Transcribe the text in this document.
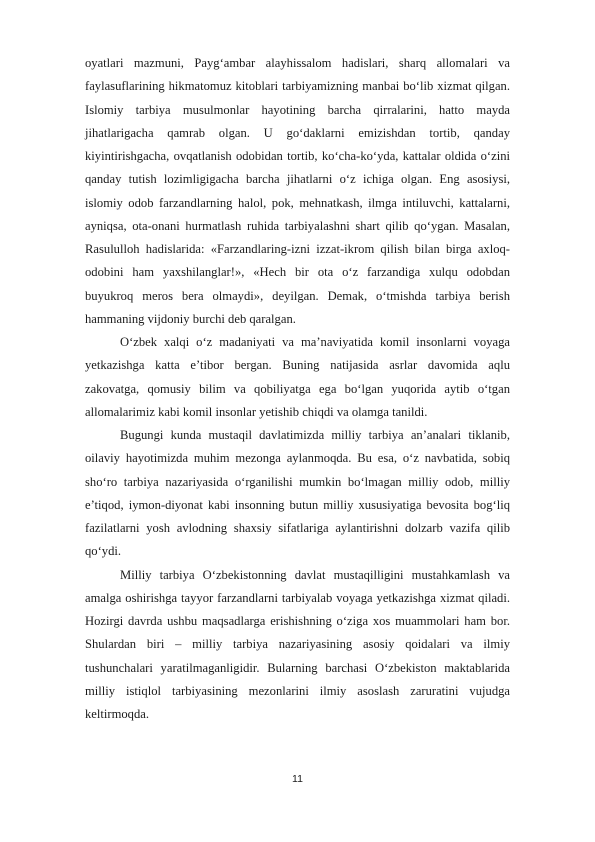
oyatlari mazmuni, Payg‘ambar alayhissalom hadislari, sharq allomalari va
faylasuflarining hikmatomuz kitoblari tarbiyamizning manbai bo‘lib xizmat qilgan.
Islomiy tarbiya musulmonlar hayotining barcha qirralarini, hatto mayda
jihatlarigacha qamrab olgan. U go‘daklarni emizishdan tortib, qanday
kiyintirishgacha, ovqatlanish odobidan tortib, ko‘cha-ko‘yda, kattalar oldida o‘zini
qanday tutish lozimligigacha barcha jihatlarni o‘z ichiga olgan. Eng asosiysi,
islomiy odob farzandlarning halol, pok, mehnatkash, ilmga intiluvchi, kattalarni,
ayniqsa, ota-onani hurmatlash ruhida tarbiyalashni shart qilib qo‘ygan. Masalan,
Rasululloh hadislarida: «Farzandlaring-izni izzat-ikrom qilish bilan birga axloq-
odobini ham yaxshilanglar!», «Hech bir ota o‘z farzandiga xulqu odobdan
buyukroq meros bera olmaydi», deyilgan. Demak, o‘tmishda tarbiya berish
hammaning vijdoniy burchi deb qaralgan.
O‘zbek xalqi o‘z madaniyati va ma’naviyatida komil insonlarni voyaga
yetkazishga katta e’tibor bergan. Buning natijasida asrlar davomida aqlu
zakovatga, qomusiy bilim va qobiliyatga ega bo‘lgan yuqorida aytib o‘tgan
allomalarimiz kabi komil insonlar yetishib chiqdi va olamga tanildi.
Bugungi kunda mustaqil davlatimizda milliy tarbiya an’analari tiklanib,
oilaviy hayotimizda muhim mezonga aylanmoqda. Bu esa, o‘z navbatida, sobiq
sho‘ro tarbiya nazariyasida o‘rganilishi mumkin bo‘lmagan milliy odob, milliy
e’tiqod, iymon-diyonat kabi insonning butun milliy xususiyatiga bevosita bog‘liq
fazilatlarni yosh avlodning shaxsiy sifatlariga aylantirishni dolzarb vazifa qilib
qo‘ydi.
Milliy tarbiya O‘zbekistonning davlat mustaqilligini mustahkamlash va
amalga oshirishga tayyor farzandlarni tarbiyalab voyaga yetkazishga xizmat qiladi.
Hozirgi davrda ushbu maqsadlarga erishishning o‘ziga xos muammolari ham bor.
Shulardan biri – milliy tarbiya nazariyasining asosiy qoidalari va ilmiy
tushunchalari yaratilmaganligidir. Bularning barchasi O‘zbekiston maktablarida
milliy istiqlol tarbiyasining mezonlarini ilmiy asoslash zaruratini vujudga
keltirmoqda.
11
